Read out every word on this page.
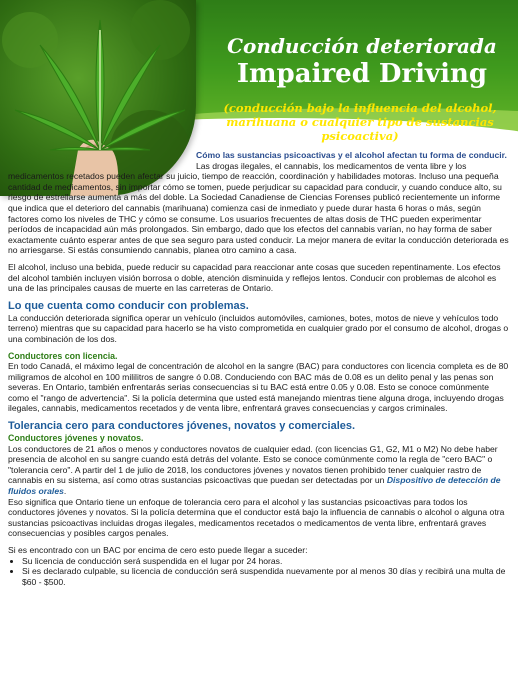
Conducción deteriorada
Impaired Driving
(conducción bajo la influencia del alcohol, marihuana o cualquier tipo de sustancias psicoactiva)
Cómo las sustancias psicoactivas y el alcohol afectan tu forma de conducir.

Las drogas ilegales, el cannabis, los medicamentos de venta libre y los medicamentos recetados pueden afectar su juicio, tiempo de reacción, coordinación y habilidades motoras. Incluso una pequeña cantidad de medicamentos, sin importar cómo se tomen, puede perjudicar su capacidad para conducir, y cuando conduce alto, su riesgo de estrellarse aumenta a más del doble. La Sociedad Canadiense de Ciencias Forenses publicó recientemente un informe que indica que el deterioro del cannabis (marihuana) comienza casi de inmediato y puede durar hasta 6 horas o más, según factores como los niveles de THC y cómo se consume. Los usuarios frecuentes de altas dosis de THC pueden experimentar períodos de incapacidad aún más prolongados. Sin embargo, dado que los efectos del cannabis varían, no hay forma de saber exactamente cuánto esperar antes de que sea seguro para usted conducir. La mejor manera de evitar la conducción deteriorada es no arriesgarse. Si estás consumiendo cannabis, planea otro camino a casa.

El alcohol, incluso una bebida, puede reducir su capacidad para reaccionar ante cosas que suceden repentinamente. Los efectos del alcohol también incluyen visión borrosa o doble, atención disminuida y reflejos lentos. Conducir con problemas de alcohol es una de las principales causas de muerte en las carreteras de Ontario.

Lo que cuenta como conducir con problemas.

La conducción deteriorada significa operar un vehículo (incluidos automóviles, camiones, botes, motos de nieve y vehículos todo terreno) mientras que su capacidad para hacerlo se ha visto comprometida en cualquier grado por el consumo de alcohol, drogas o una combinación de los dos.

Conductores con licencia.

En todo Canadá, el máximo legal de concentración de alcohol en la sangre (BAC) para conductores con licencia completa es de 80 miligramos de alcohol en 100 mililitros de sangre ó 0.08. Conduciendo con BAC más de 0.08 es un delito penal y las penas son severas. En Ontario, también enfrentarás serias consecuencias si tu BAC está entre 0.05 y 0.08. Esto se conoce comúnmente como el "rango de advertencia". Si la policía determina que usted está manejando mientras tiene alguna droga, incluyendo drogas ilegales, cannabis, medicamentos recetados y de venta libre, enfrentará graves consecuencias y cargos criminales.

Tolerancia cero para conductores jóvenes, novatos y comerciales.
Conductores jóvenes y novatos.

Los conductores de 21 años o menos y conductores novatos de cualquier edad. (con licencias G1, G2, M1 o M2) No debe haber presencia de alcohol en su sangre cuando está detrás del volante. Esto se conoce comúnmente como la regla de "cero BAC" o "tolerancia cero". A partir del 1 de julio de 2018, los conductores jóvenes y novatos tienen prohibido tener cualquier rastro de cannabis en su sistema, así como otras sustancias psicoactivas que puedan ser detectadas por un Dispositivo de detección de fluidos orales.

Eso significa que Ontario tiene un enfoque de tolerancia cero para el alcohol y las sustancias psicoactivas para todos los conductores jóvenes y novatos. Si la policía determina que el conductor está bajo la influencia de cannabis o alcohol o alguna otra sustancias psicoactivas incluidas drogas ilegales, medicamentos recetados o medicamentos de venta libre, enfrentará graves consecuencias y posibles cargos penales.

Si es encontrado con un BAC por encima de cero esto puede llegar a suceder:

• Su licencia de conducción será suspendida en el lugar por 24 horas.
• Si es declarado culpable, su licencia de conducción será suspendida nuevamente por al menos 30 días y recibirá una multa de $60 - $500.
